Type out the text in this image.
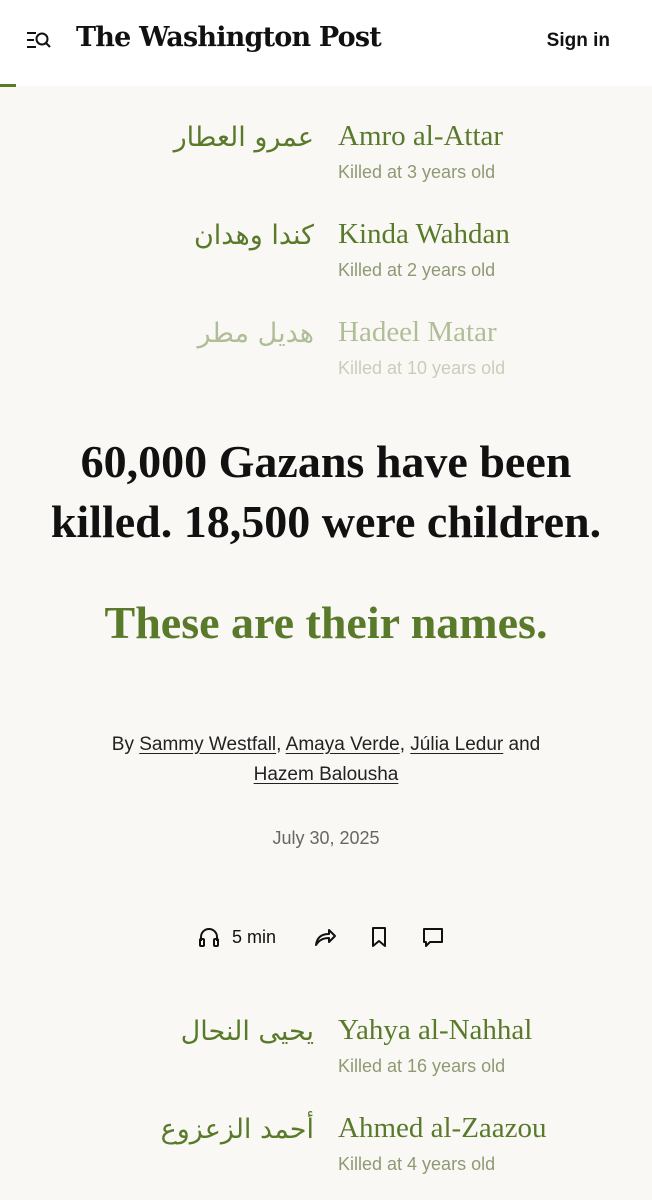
The Washington Post	Sign in
عمرو العطار Amro al-Attar
Killed at 3 years old
كندا وهدان Kinda Wahdan
Killed at 2 years old
هديل مطر Hadeel Matar
Killed at 10 years old
60,000 Gazans have been
killed. 18,500 were children.
These are their names.
By Sammy Westfall, Amaya Verde, Júlia Ledur and
Hazem Balousha
July 30, 2025
5 min
يحيى النحال Yahya al-Nahhal
Killed at 16 years old
أحمد الزعزوع Ahmed al-Zaazou
Killed at 4 years old
